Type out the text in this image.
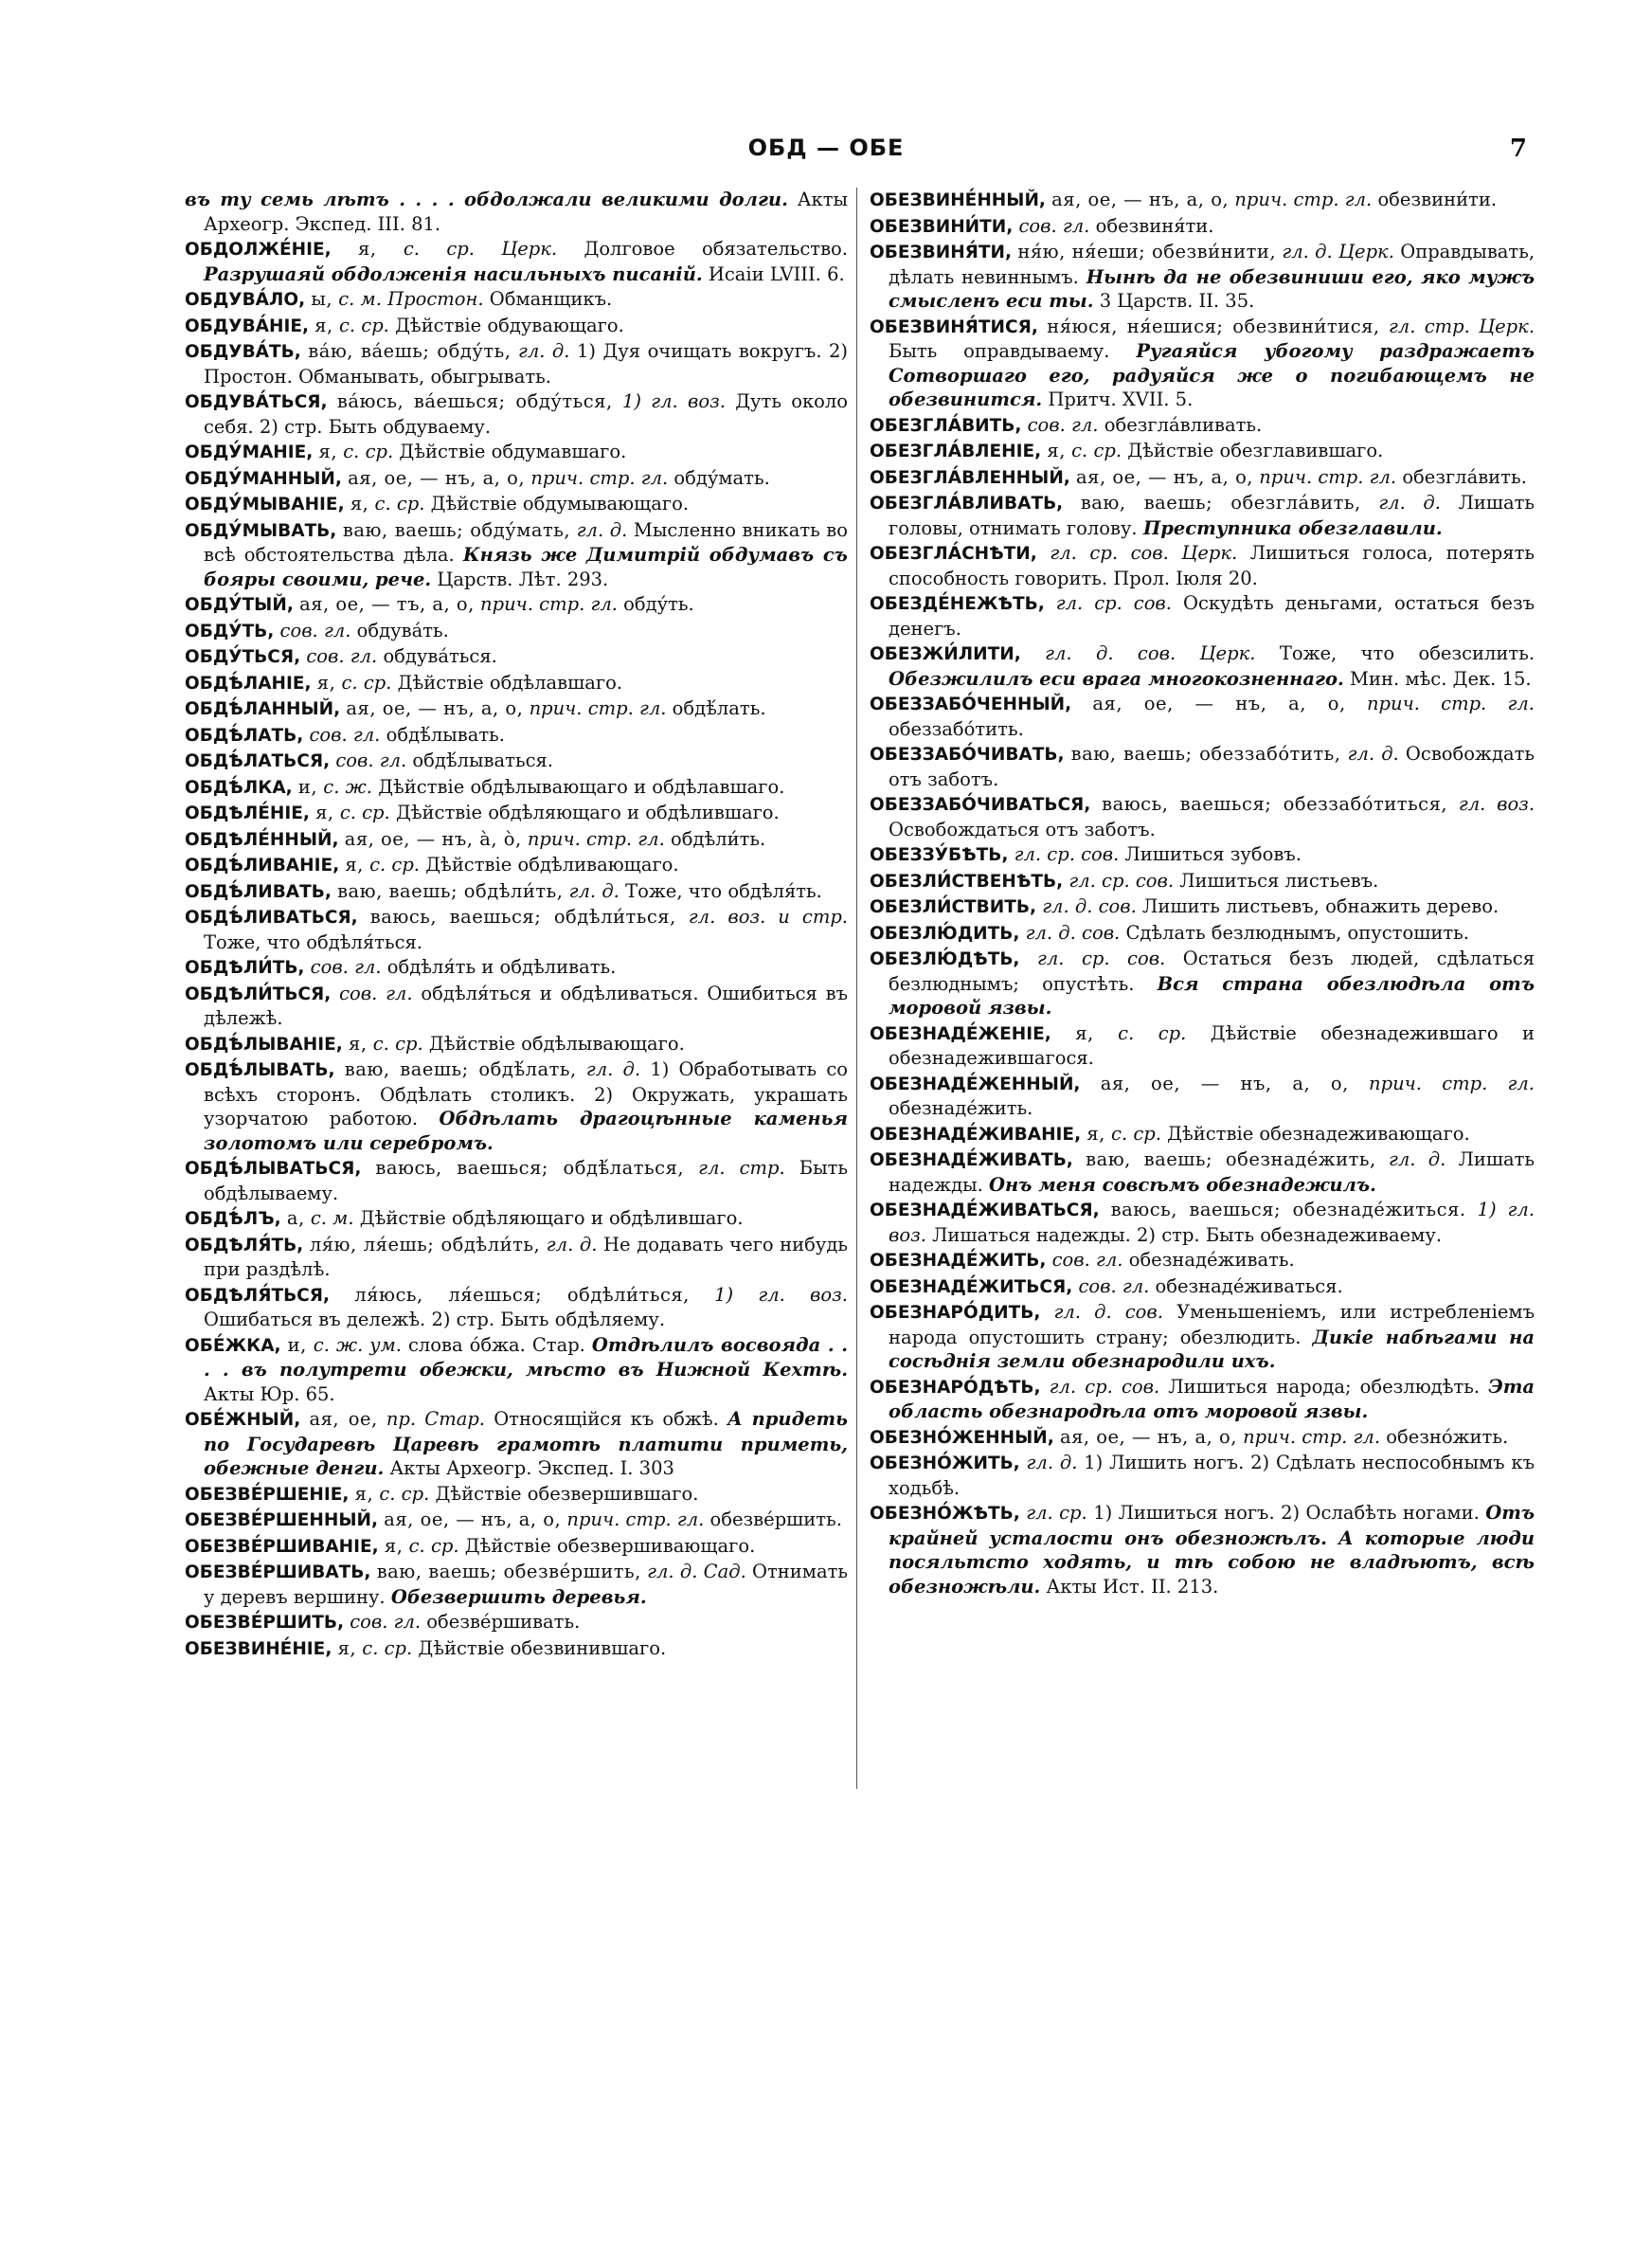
ОБД — ОБЕ	7

въ ту семь лѣтъ . . . . обдолжали великими долги. Акты Археогр. Экспед. III. 81.

ОБДОЛЖЕ́НІЕ, я, с. ср. Церк. Долговое обязательство. Разрушаяй обдолженія насильныхъ писаній. Исаіи LVIII. 6.

ОБДУВА́ЛО, ы, с. м. Простон. Обманщикъ.

ОБДУВА́НІЕ, я, с. ср. Дѣйствіе обдувающаго.

ОБДУВА́ТЬ, ва́ю, ва́ешь; обду́ть, гл. д. 1) Дуя очищать вокругъ. 2) Простон. Обманывать, обыгрывать.

ОБДУВА́ТЬСЯ, ва́юсь, ва́ешься; обду́ться, 1) гл. воз. Дуть около себя. 2) стр. Быть обдуваему.

ОБДУ́МАНІЕ, я, с. ср. Дѣйствіе обдумавшаго.

ОБДУ́МАННЫЙ, ая, ое, — нъ, а, о, прич. стр. гл. обду́мать.

ОБДУ́МЫВАНІЕ, я, с. ср. Дѣйствіе обдумывающаго.

ОБДУ́МЫВАТЬ, ваю, ваешь; обду́мать, гл. д. Мысленно вникать во всѣ обстоятельства дѣла. Князь же Димитрій обдумавъ съ бояры своими, рече. Царств. Лѣт. 293.

ОБДУ́ТЫЙ, ая, ое, — тъ, а, о, прич. стр. гл. обду́ть.

ОБДУ́ТЬ, сов. гл. обдува́ть.

ОБДУ́ТЬСЯ, сов. гл. обдува́ться.

ОБДѢ́ЛАНІЕ, я, с. ср. Дѣйствіе обдѣлавшаго.

ОБДѢ́ЛАННЫЙ, ая, ое, — нъ, а, о, прич. стр. гл. обдѣ́лать.

ОБДѢ́ЛАТЬ, сов. гл. обдѣ́лывать.

ОБДѢ́ЛАТЬСЯ, сов. гл. обдѣ́лываться.

ОБДѢ́ЛКА, и, с. ж. Дѣйствіе обдѣлывающаго и обдѣлавшаго.

ОБДѢЛЕ́НІЕ, я, с. ср. Дѣйствіе обдѣляющаго и обдѣлившаго.

ОБДѢЛЕ́ННЫЙ, ая, ое, — нъ, а̀, о̀, прич. стр. гл. обдѣли́ть.

ОБДѢ́ЛИВАНІЕ, я, с. ср. Дѣйствіе обдѣливающаго.

ОБДѢ́ЛИВАТЬ, ваю, ваешь; обдѣли́ть, гл. д. Тоже, что обдѣля́ть.

ОБДѢ́ЛИВАТЬСЯ, ваюсь, ваешься; обдѣли́ться, гл. воз. и стр. Тоже, что обдѣля́ться.

ОБДѢЛИ́ТЬ, сов. гл. обдѣля́ть и обдѣливать.

ОБДѢЛИ́ТЬСЯ, сов. гл. обдѣля́ться и обдѣливаться. Ошибиться въ дѣлежѣ.

ОБДѢ́ЛЫВАНІЕ, я, с. ср. Дѣйствіе обдѣлывающаго.

ОБДѢ́ЛЫВАТЬ, ваю, ваешь; обдѣ́лать, гл. д. 1) Обработывать со всѣхъ сторонъ. Обдѣлать столикъ. 2) Окружать, украшать узорчатою работою. Обдѣлать драгоцѣнные каменья золотомъ или серебромъ.

ОБДѢ́ЛЫВАТЬСЯ, ваюсь, ваешься; обдѣ́латься, гл. стр. Быть обдѣлываему.

ОБДѢ́ЛЪ, а, с. м. Дѣйствіе обдѣляющаго и обдѣлившаго.

ОБДѢЛЯ́ТЬ, ля́ю, ля́ешь; обдѣли́ть, гл. д. Не додавать чего нибудь при раздѣлѣ.

ОБДѢЛЯ́ТЬСЯ, ля́юсь, ля́ешься; обдѣли́ться, 1) гл. воз. Ошибаться въ дележѣ. 2) стр. Быть обдѣляему.

ОБЕ́ЖКА, и, с. ж. ум. слова о́бжа. Стар. Отдѣлилъ восвояда . . . . въ полутрети обежки, мѣсто въ Нижной Кехтѣ. Акты Юр. 65.

ОБЕ́ЖНЫЙ, ая, ое, пр. Стар. Относящійся къ обжѣ. А придеть по Государевѣ Царевѣ грамотѣ платити приметь, обежные денги. Акты Археогр. Экспед. I. 303

ОБЕЗВЕ́РШЕНІЕ, я, с. ср. Дѣйствіе обезвершившаго.

ОБЕЗВЕ́РШЕННЫЙ, ая, ое, — нъ, а, о, прич. стр. гл. обезве́ршить.

ОБЕЗВЕ́РШИВАНІЕ, я, с. ср. Дѣйствіе обезвершивающаго.

ОБЕЗВЕ́РШИВАТЬ, ваю, ваешь; обезве́ршить, гл. д. Сад. Отнимать у деревъ вершину. Обезвершить деревья.

ОБЕЗВЕ́РШИТЬ, сов. гл. обезве́ршивать.

ОБЕЗВИНЕ́НІЕ, я, с. ср. Дѣйствіе обезвинившаго.

ОБЕЗВИНЕ́ННЫЙ, ая, ое, — нъ, а, о, прич. стр. гл. обезвини́ти.

ОБЕЗВИНИ́ТИ, сов. гл. обезвиня́ти.

ОБЕЗВИНЯ́ТИ, ня́ю, ня́еши; обезви́нити, гл. д. Церк. Оправдывать, дѣлать невиннымъ. Нынѣ да не обезвиниши его, яко мужъ смысленъ еси ты. 3 Царств. II. 35.

ОБЕЗВИНЯ́ТИСЯ, ня́юся, ня́ешися; обезвини́тися, гл. стр. Церк. Быть оправдываему. Ругаяйся убогому раздражаетъ Сотворшаго его, радуяйся же о погибающемъ не обезвинится. Притч. XVII. 5.

ОБЕЗГЛА́ВИТЬ, сов. гл. обезгла́вливать.

ОБЕЗГЛА́ВЛЕНІЕ, я, с. ср. Дѣйствіе обезглавившаго.

ОБЕЗГЛА́ВЛЕННЫЙ, ая, ое, — нъ, а, о, прич. стр. гл. обезгла́вить.

ОБЕЗГЛА́ВЛИВАТЬ, ваю, ваешь; обезгла́вить, гл. д. Лишать головы, отнимать голову. Преступника обезглавили.

ОБЕЗГЛА́СНѢТИ, гл. ср. сов. Церк. Лишиться голоса, потерять способность говорить. Прол. Іюля 20.

ОБЕЗДЕ́НЕЖѢТЬ, гл. ср. сов. Оскудѣть деньгами, остаться безъ денегъ.

ОБЕЗЖИ́ЛИТИ, гл. д. сов. Церк. Тоже, что обезсилить. Обезжилилъ еси врага многокозненнаго. Мин. мѣс. Дек. 15.

ОБЕЗЗАБО́ЧЕННЫЙ, ая, ое, — нъ, а, о, прич. стр. гл. обеззабо́тить.

ОБЕЗЗАБО́ЧИВАТЬ, ваю, ваешь; обеззабо́тить, гл. д. Освобождать отъ заботъ.

ОБЕЗЗАБО́ЧИВАТЬСЯ, ваюсь, ваешься; обеззабо́титься, гл. воз. Освобождаться отъ заботъ.

ОБЕЗЗУ́БѢТЬ, гл. ср. сов. Лишиться зубовъ.

ОБЕЗЛИ́СТВЕНѢТЬ, гл. ср. сов. Лишиться листьевъ.

ОБЕЗЛИ́СТВИТЬ, гл. д. сов. Лишить листьевъ, обнажить дерево.

ОБЕЗЛЮ́ДИТЬ, гл. д. сов. Сдѣлать безлюднымъ, опустошить.

ОБЕЗЛЮ́ДѢТЬ, гл. ср. сов. Остаться безъ людей, сдѣлаться безлюднымъ; опустѣть. Вся страна обезлюдѣла отъ моровой язвы.

ОБЕЗНАДЕ́ЖЕНІЕ, я, с. ср. Дѣйствіе обезнадежившаго и обезнадежившагося.

ОБЕЗНАДЕ́ЖЕННЫЙ, ая, ое, — нъ, а, о, прич. стр. гл. обезнаде́жить.

ОБЕЗНАДЕ́ЖИВАНІЕ, я, с. ср. Дѣйствіе обезнадеживающаго.

ОБЕЗНАДЕ́ЖИВАТЬ, ваю, ваешь; обезнаде́жить, гл. д. Лишать надежды. Онъ меня совсѣмъ обезнадежилъ.

ОБЕЗНАДЕ́ЖИВАТЬСЯ, ваюсь, ваешься; обезнаде́житься. 1) гл. воз. Лишаться надежды. 2) стр. Быть обезнадеживаему.

ОБЕЗНАДЕ́ЖИТЬ, сов. гл. обезнаде́живать.

ОБЕЗНАДЕ́ЖИТЬСЯ, сов. гл. обезнаде́живаться.

ОБЕЗНАРО́ДИТЬ, гл. д. сов. Уменьшеніемъ, или истребленіемъ народа опустошить страну; обезлюдить. Дикіе набѣгами на сосѣднія земли обезнародили ихъ.

ОБЕЗНАРО́ДѢТЬ, гл. ср. сов. Лишиться народа; обезлюдѣть. Эта область обезнародѣла отъ моровой язвы.

ОБЕЗНО́ЖЕННЫЙ, ая, ое, — нъ, а, о, прич. стр. гл. обезно́жить.

ОБЕЗНО́ЖИТЬ, гл. д. 1) Лишить ногъ. 2) Сдѣлать неспособнымъ къ ходьбѣ.

ОБЕЗНО́ЖѢТЬ, гл. ср. 1) Лишиться ногъ. 2) Ослабѣть ногами. Отъ крайней усталости онъ обезножѣлъ. А которые люди посяльтсто ходять, и тѣ собою не владѣютъ, всѣ обезножѣли. Акты Ист. II. 213.
